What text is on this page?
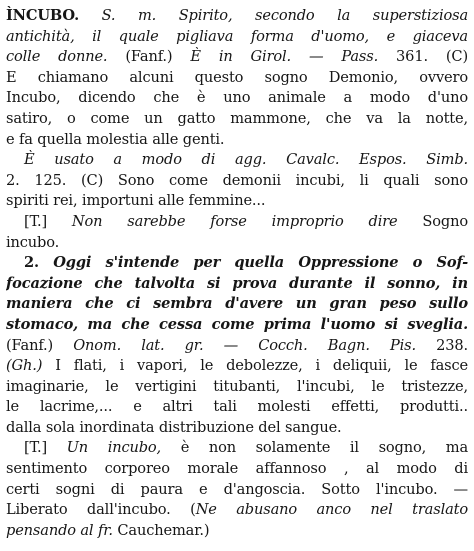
ÌNCUBO. S. m. Spirito, secondo la superstiziosa
antichità, il quale pigliava forma d'uomo, e giaceva
colle donne. (Fanf.) È in Girol. — Pass. 361. (C)
E chiamano alcuni questo sogno Demonio, ovvero
Incubo, dicendo che è uno animale a modo d'uno
satiro, o come un gatto mammone, che va la notte,
e fa quella molestia alle genti.
È usato a modo di agg. Cavalc. Espos. Simb.
2. 125. (C) Sono come demonii incubi, li quali sono
spiriti rei, importuni alle femmine...
[T.] Non sarebbe forse improprio dire Sogno
incubo.
2. Oggi s'intende per quella Oppressione o Sof-
focazione che talvolta si prova durante il sonno, in
maniera che ci sembra d'avere un gran peso sullo
stomaco, ma che cessa come prima l'uomo si sveglia.
(Fanf.) Onom. lat. gr. — Cocch. Bagn. Pis. 238.
(Gh.) I flati, i vapori, le debolezze, i deliquii, le fasce
imaginarie, le vertigini titubanti, l'incubi, le tristezze,
le lacrime,... e altri tali molesti effetti, produtti..
dalla sola inordinata distribuzione del sangue.
[T.] Un incubo, è non solamente il sogno, ma
sentimento corporeo morale affannoso , al modo di
certi sogni di paura e d'angoscia. Sotto l'incubo. —
Liberato dall'incubo. (Ne abusano anco nel traslato
pensando al fr. Cauchemar.)
